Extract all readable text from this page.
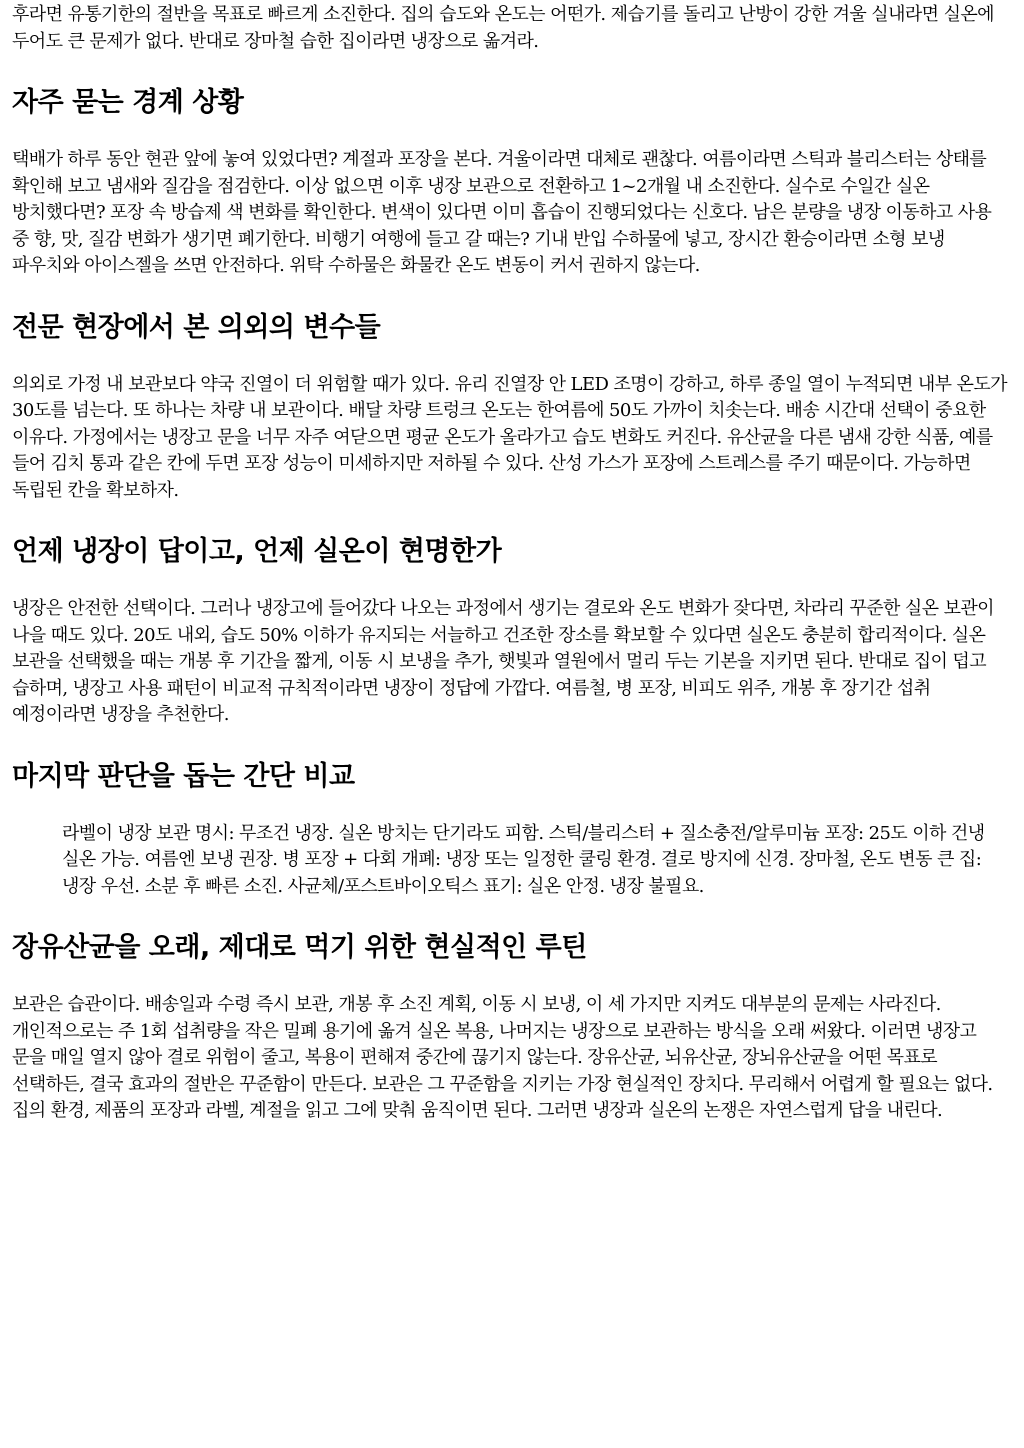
후라면 유통기한의 절반을 목표로 빠르게 소진한다. 집의 습도와 온도는 어떤가. 제습기를 돌리고 난방이 강한 겨울 실내라면 실온에 두어도 큰 문제가 없다. 반대로 장마철 습한 집이라면 냉장으로 옮겨라.

자주 묻는 경계 상황

택배가 하루 동안 현관 앞에 놓여 있었다면? 계절과 포장을 본다. 겨울이라면 대체로 괜찮다. 여름이라면 스틱과 블리스터는 상태를 확인해 보고 냄새와 질감을 점검한다. 이상 없으면 이후 냉장 보관으로 전환하고 1~2개월 내 소진한다. 실수로 수일간 실온 방치했다면? 포장 속 방습제 색 변화를 확인한다. 변색이 있다면 이미 흡습이 진행되었다는 신호다. 남은 분량을 냉장 이동하고 사용 중 향, 맛, 질감 변화가 생기면 폐기한다. 비행기 여행에 들고 갈 때는? 기내 반입 수하물에 넣고, 장시간 환승이라면 소형 보냉 파우치와 아이스젤을 쓰면 안전하다. 위탁 수하물은 화물칸 온도 변동이 커서 권하지 않는다.

전문 현장에서 본 의외의 변수들

의외로 가정 내 보관보다 약국 진열이 더 위험할 때가 있다. 유리 진열장 안 LED 조명이 강하고, 하루 종일 열이 누적되면 내부 온도가 30도를 넘는다. 또 하나는 차량 내 보관이다. 배달 차량 트렁크 온도는 한여름에 50도 가까이 치솟는다. 배송 시간대 선택이 중요한 이유다. 가정에서는 냉장고 문을 너무 자주 여닫으면 평균 온도가 올라가고 습도 변화도 커진다. 유산균을 다른 냄새 강한 식품, 예를 들어 김치 통과 같은 칸에 두면 포장 성능이 미세하지만 저하될 수 있다. 산성 가스가 포장에 스트레스를 주기 때문이다. 가능하면 독립된 칸을 확보하자.

언제 냉장이 답이고, 언제 실온이 현명한가

냉장은 안전한 선택이다. 그러나 냉장고에 들어갔다 나오는 과정에서 생기는 결로와 온도 변화가 잦다면, 차라리 꾸준한 실온 보관이 나을 때도 있다. 20도 내외, 습도 50% 이하가 유지되는 서늘하고 건조한 장소를 확보할 수 있다면 실온도 충분히 합리적이다. 실온 보관을 선택했을 때는 개봉 후 기간을 짧게, 이동 시 보냉을 추가, 햇빛과 열원에서 멀리 두는 기본을 지키면 된다. 반대로 집이 덥고 습하며, 냉장고 사용 패턴이 비교적 규칙적이라면 냉장이 정답에 가깝다. 여름철, 병 포장, 비피도 위주, 개봉 후 장기간 섭취 예정이라면 냉장을 추천한다.

마지막 판단을 돕는 간단 비교

라벨이 냉장 보관 명시: 무조건 냉장. 실온 방치는 단기라도 피함. 스틱/블리스터 + 질소충전/알루미늄 포장: 25도 이하 건냉 실온 가능. 여름엔 보냉 권장. 병 포장 + 다회 개폐: 냉장 또는 일정한 쿨링 환경. 결로 방지에 신경. 장마철, 온도 변동 큰 집: 냉장 우선. 소분 후 빠른 소진. 사균체/포스트바이오틱스 표기: 실온 안정. 냉장 불필요.

장유산균을 오래, 제대로 먹기 위한 현실적인 루틴

보관은 습관이다. 배송일과 수령 즉시 보관, 개봉 후 소진 계획, 이동 시 보냉, 이 세 가지만 지켜도 대부분의 문제는 사라진다. 개인적으로는 주 1회 섭취량을 작은 밀폐 용기에 옮겨 실온 복용, 나머지는 냉장으로 보관하는 방식을 오래 써왔다. 이러면 냉장고 문을 매일 열지 않아 결로 위험이 줄고, 복용이 편해져 중간에 끊기지 않는다. 장유산균, 뇌유산균, 장뇌유산균을 어떤 목표로 선택하든, 결국 효과의 절반은 꾸준함이 만든다. 보관은 그 꾸준함을 지키는 가장 현실적인 장치다. 무리해서 어렵게 할 필요는 없다. 집의 환경, 제품의 포장과 라벨, 계절을 읽고 그에 맞춰 움직이면 된다. 그러면 냉장과 실온의 논쟁은 자연스럽게 답을 내린다.
